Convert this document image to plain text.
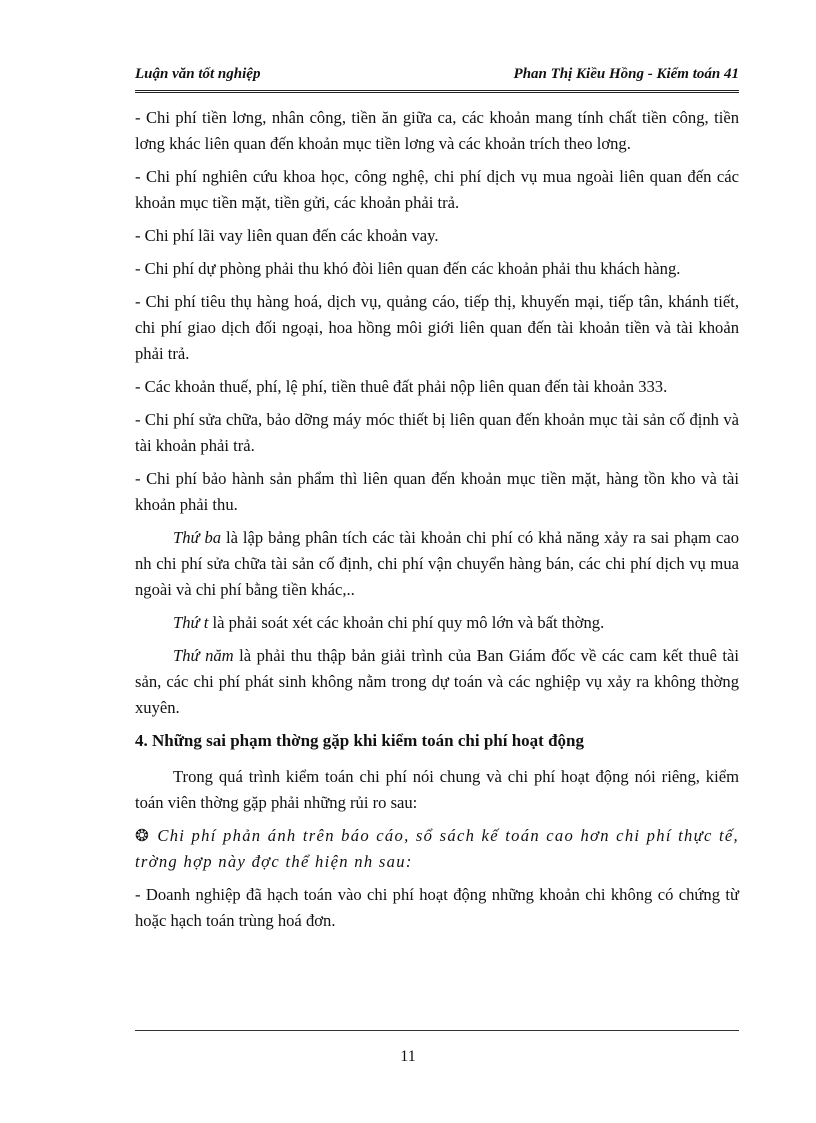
Luận văn tốt nghiệp	Phan Thị Kiều Hồng - Kiểm toán 41

- Chi phí tiền lơng, nhân công, tiền ăn giữa ca, các khoản mang tính chất tiền công, tiền lơng khác liên quan đến khoản mục tiền lơng và các khoản trích theo lơng.

- Chi phí nghiên cứu khoa học, công nghệ, chi phí dịch vụ mua ngoài liên quan đến các khoản mục tiền mặt, tiền gửi, các khoản phải trả.

- Chi phí lãi vay liên quan đến các khoản vay.

- Chi phí dự phòng phải thu khó đòi liên quan đến các khoản phải thu khách hàng.

- Chi phí tiêu thụ hàng hoá, dịch vụ, quảng cáo, tiếp thị, khuyến mại, tiếp tân, khánh tiết, chi phí giao dịch đối ngoại, hoa hồng môi giới liên quan đến tài khoản tiền và tài khoản phải trả.

- Các khoản thuế, phí, lệ phí, tiền thuê đất phải nộp liên quan đến tài khoản 333.

- Chi phí sửa chữa, bảo dỡng máy móc thiết bị liên quan đến khoản mục tài sản cố định và tài khoản phải trả.

- Chi phí bảo hành sản phẩm thì liên quan đến khoản mục tiền mặt, hàng tồn kho và tài khoản phải thu.

Thứ ba là lập bảng phân tích các tài khoản chi phí có khả năng xảy ra sai phạm cao nh chi phí sửa chữa tài sản cố định, chi phí vận chuyển hàng bán, các chi phí dịch vụ mua ngoài và chi phí bằng tiền khác,..

Thứ t là phải soát xét các khoản chi phí quy mô lớn và bất thờng.

Thứ năm là phải thu thập bản giải trình của Ban Giám đốc về các cam kết thuê tài sản, các chi phí phát sinh không nằm trong dự toán và các nghiệp vụ xảy ra không thờng xuyên.

4. Những sai phạm thờng gặp khi kiểm toán chi phí hoạt động

Trong quá trình kiểm toán chi phí nói chung và chi phí hoạt động nói riêng, kiểm toán viên thờng gặp phải những rủi ro sau:

❂ Chi phí phản ánh trên báo cáo, sổ sách kế toán cao hơn chi phí thực tế, trờng hợp này đợc thể hiện nh sau:

- Doanh nghiệp đã hạch toán vào chi phí hoạt động những khoản chi không có chứng từ hoặc hạch toán trùng hoá đơn.

11
